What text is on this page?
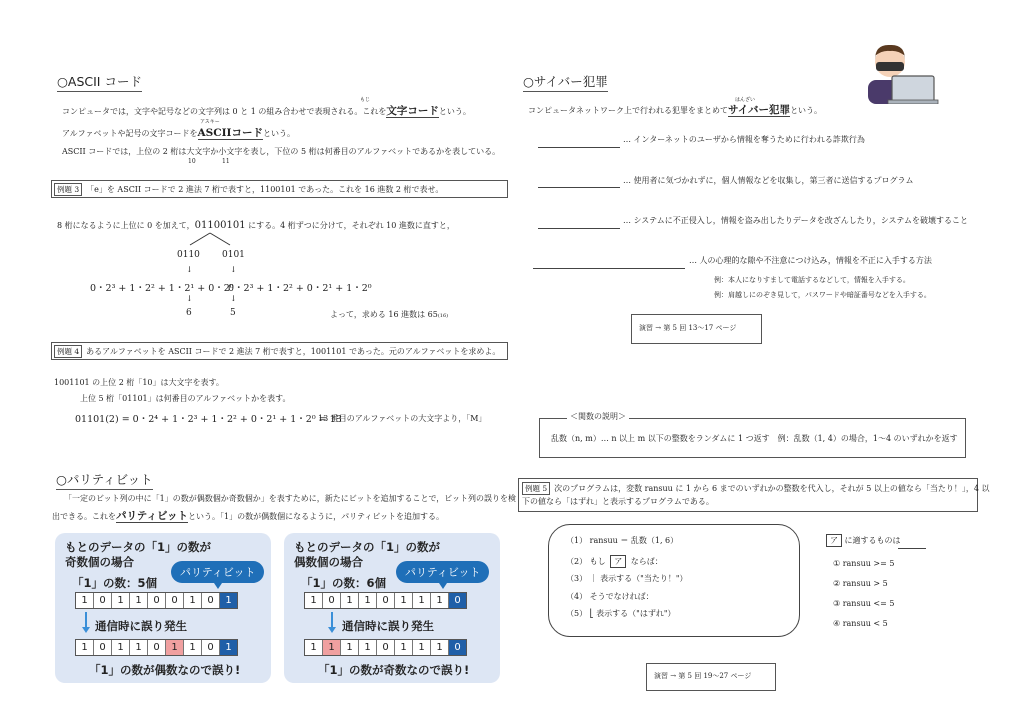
○ASCII コード
もじ
コンピュータでは，文字や記号などの文字列は 0 と 1 の組み合わせで表現される。これを文字コードという。
アスキー
アルファベットや記号の文字コードをASCIIコードという。
ASCII コードでは，上位の 2 桁は大文字か小文字を表し，下位の 5 桁は何番目のアルファベットであるかを表している。
10	11
例題 3 「e」を ASCII コードで 2 進法 7 桁で表すと，1100101 であった。これを 16 進数 2 桁で表せ。
8 桁になるように上位に 0 を加えて，01100101 にする。4 桁ずつに分けて，それぞれ 10 進数に直すと，
0110 0101
↓	↓
0・2³ + 1・2² + 1・2¹ + 0・2⁰
0・2³ + 1・2² + 0・2¹ + 1・2⁰
↓	↓
6	5	よって，求める 16 進数は 65(16)
例題 4 あるアルファベットを ASCII コードで 2 進法 7 桁で表すと，1001101 であった。元のアルファベットを求めよ。
1001101 の上位 2 桁「10」は大文字を表す。
上位 5 桁「01101」は何番目のアルファベットかを表す。
01101(2) = 0・2⁴ + 1・2³ + 1・2² + 0・2¹ + 1・2⁰ = 13
13 番目のアルファベットの大文字より，「M」
○パリティビット
「一定のビット列の中に「1」の数が偶数個か奇数個か」を表すために，新たにビットを追加することで，ビット列の誤りを検
出できる。これをパリティビットという。「1」の数が偶数個になるように，パリティビットを追加する。
もとのデータの「1」の数が
奇数個の場合
「1」の数：5個
パリティビット
1	0	1	1	0	0	1	0	1
通信時に誤り発生
1	0	1	1	0	1	1	0	1
「1」の数が偶数なので誤り!
もとのデータの「1」の数が
偶数個の場合
「1」の数：6個
パリティビット
1	0	1	1	0	1	1	1	0
通信時に誤り発生
1	1	1	1	0	1	1	1	0
「1」の数が奇数なので誤り!
○サイバー犯罪
はんざい
コンピュータネットワーク上で行われる犯罪をまとめてサイバー犯罪という。
… インターネットのユーザから情報を奪うために行われる詐欺行為
… 使用者に気づかれずに，個人情報などを収集し，第三者に送信するプログラム
… システムに不正侵入し，情報を盗み出したりデータを改ざんしたり，システムを破壊すること
… 人の心理的な隙や不注意につけ込み，情報を不正に入手する方法
例：本人になりすまして電話するなどして，情報を入手する。
例：肩越しにのぞき見して，パスワードや暗証番号などを入手する。
演習 → 第 5 回 13〜17 ページ
＜関数の説明＞
乱数（n, m）… n 以上 m 以下の整数をランダムに 1 つ返す　例：乱数（1, 4）の場合，1〜4 のいずれかを返す
例題 5 次のプログラムは，変数 ransuu に 1 から 6 までのいずれかの整数を代入し，それが 5 以上の値なら「当たり！」，4 以
下の値なら「はずれ」と表示するプログラムである。
（1） ransuu ＝ 乱数（1, 6）
（2） もし ア ならば：
（3） ｜ 表示する（"当たり！"）
（4） そうでなければ：
（5） ⎣ 表示する（"はずれ"）
ア に適するものは
① ransuu >= 5
② ransuu > 5
③ ransuu <= 5
④ ransuu < 5
演習 → 第 5 回 19〜27 ページ
